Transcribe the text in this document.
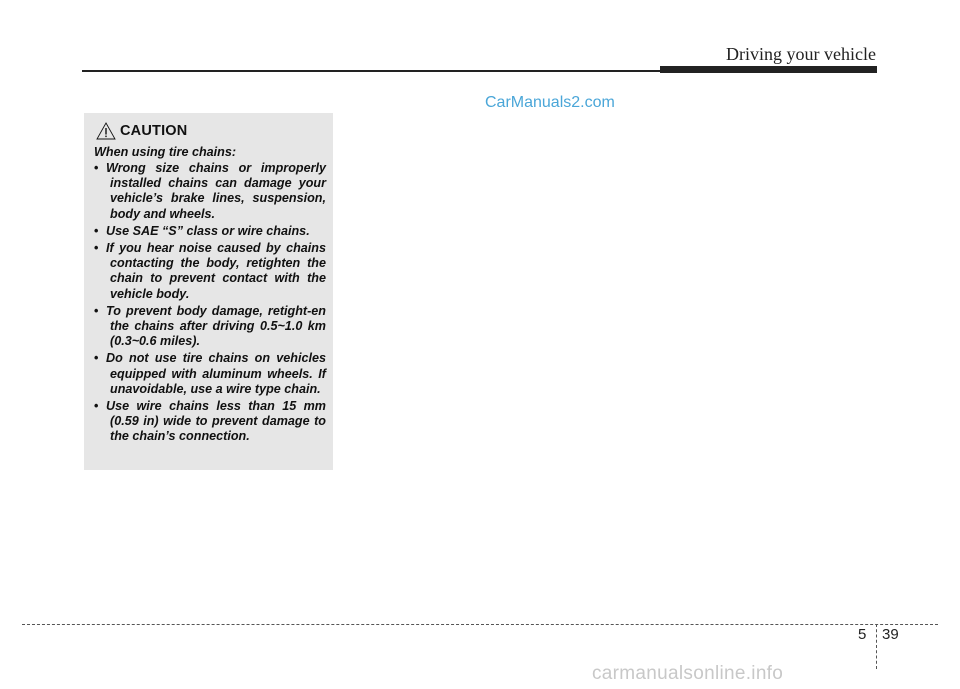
Driving your vehicle
CarManuals2.com
CAUTION
When using tire chains:
• Wrong size chains or improperly installed chains can damage your vehicle’s brake lines, suspension, body and wheels.
• Use SAE “S” class or wire chains.
• If you hear noise caused by chains contacting the body, retighten the chain to prevent contact with the vehicle body.
• To prevent body damage, retight-en the chains after driving 0.5~1.0 km (0.3~0.6 miles).
• Do not use tire chains on vehicles equipped with aluminum wheels. If unavoidable, use a wire type chain.
• Use wire chains less than 15 mm (0.59 in) wide to prevent damage to the chain’s connection.
5 39
carmanualsonline.info
